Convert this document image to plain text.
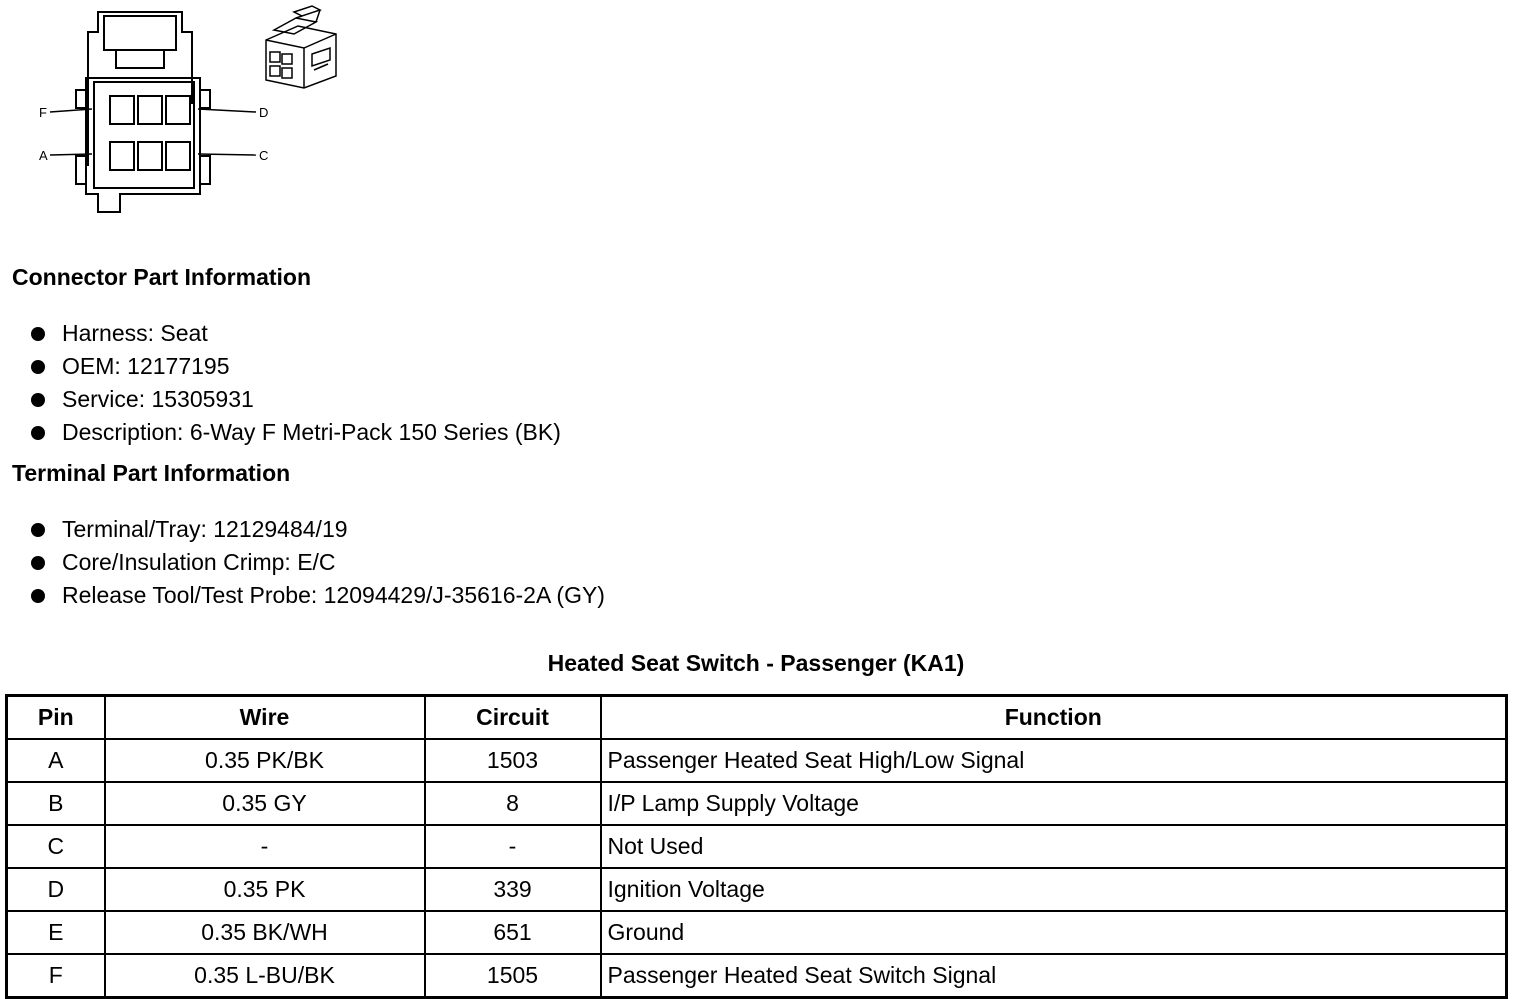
F	D
A	C
Connector Part Information
Harness: Seat
OEM: 12177195
Service: 15305931
Description: 6-Way F Metri-Pack 150 Series (BK)
Terminal Part Information
Terminal/Tray: 12129484/19
Core/Insulation Crimp: E/C
Release Tool/Test Probe: 12094429/J-35616-2A (GY)
Heated Seat Switch - Passenger (KA1)
Pin	Wire	Circuit	Function
A	0.35 PK/BK	1503	Passenger Heated Seat High/Low Signal
B	0.35 GY	8	I/P Lamp Supply Voltage
C	-	-	Not Used
D	0.35 PK	339	Ignition Voltage
E	0.35 BK/WH	651	Ground
F	0.35 L-BU/BK	1505	Passenger Heated Seat Switch Signal
